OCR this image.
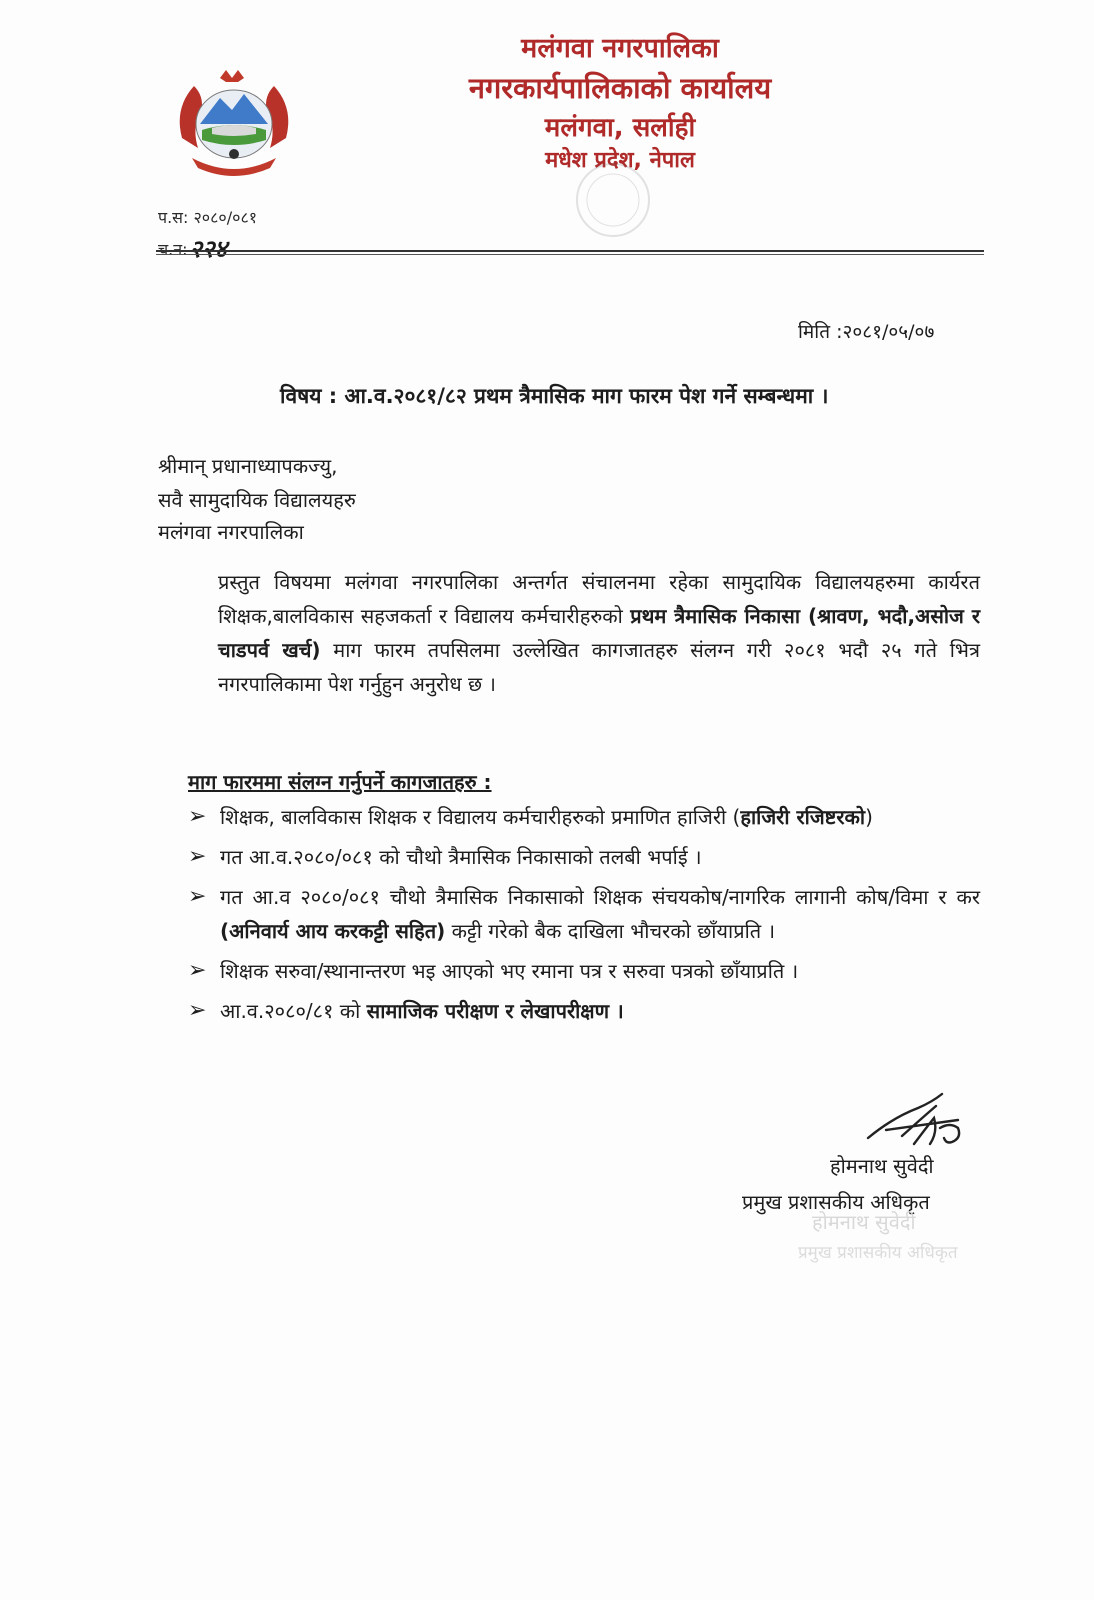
मलंगवा नगरपालिका
नगरकार्यपालिकाको कार्यालय
मलंगवा, सर्लाही
मधेश प्रदेश, नेपाल
प.स: २०८०/०८१
च.न:२२४
मिति :२०८१/०५/०७
विषय : आ.व.२०८१/८२ प्रथम त्रैमासिक माग फारम पेश गर्ने सम्बन्धमा ।
श्रीमान् प्रधानाध्यापकज्यु,
सवै सामुदायिक विद्यालयहरु
मलंगवा नगरपालिका
प्रस्तुत विषयमा मलंगवा नगरपालिका अन्तर्गत संचालनमा रहेका सामुदायिक विद्यालयहरुमा कार्यरत शिक्षक,बालविकास सहजकर्ता र विद्यालय कर्मचारीहरुको प्रथम त्रैमासिक निकासा (श्रावण, भदौ,असोज र चाडपर्व खर्च) माग फारम तपसिलमा उल्लेखित कागजातहरु संलग्न गरी २०८१ भदौ २५ गते भित्र नगरपालिकामा पेश गर्नुहुन अनुरोध छ ।
माग फारममा संलग्न गर्नुपर्ने कागजातहरु :
➢ शिक्षक, बालविकास शिक्षक र विद्यालय कर्मचारीहरुको प्रमाणित हाजिरी (हाजिरी रजिष्टरको)
➢ गत आ.व.२०८०/०८१ को चौथो त्रैमासिक निकासाको तलबी भर्पाई ।
➢ गत आ.व २०८०/०८१ चौथो त्रैमासिक निकासाको शिक्षक संचयकोष/नागरिक लागानी कोष/विमा र कर (अनिवार्य आय करकट्टी सहित) कट्टी गरेको बैक दाखिला भौचरको छाँयाप्रति ।
➢ शिक्षक सरुवा/स्थानान्तरण भइ आएको भए रमाना पत्र र सरुवा पत्रको छाँयाप्रति ।
➢ आ.व.२०८०/८१ को सामाजिक परीक्षण र लेखापरीक्षण ।
होमनाथ सुवेदी
प्रमुख प्रशासकीय अधिकृत
होमनाथ सुवेदी
प्रमुख प्रशासकीय अधिकृत
